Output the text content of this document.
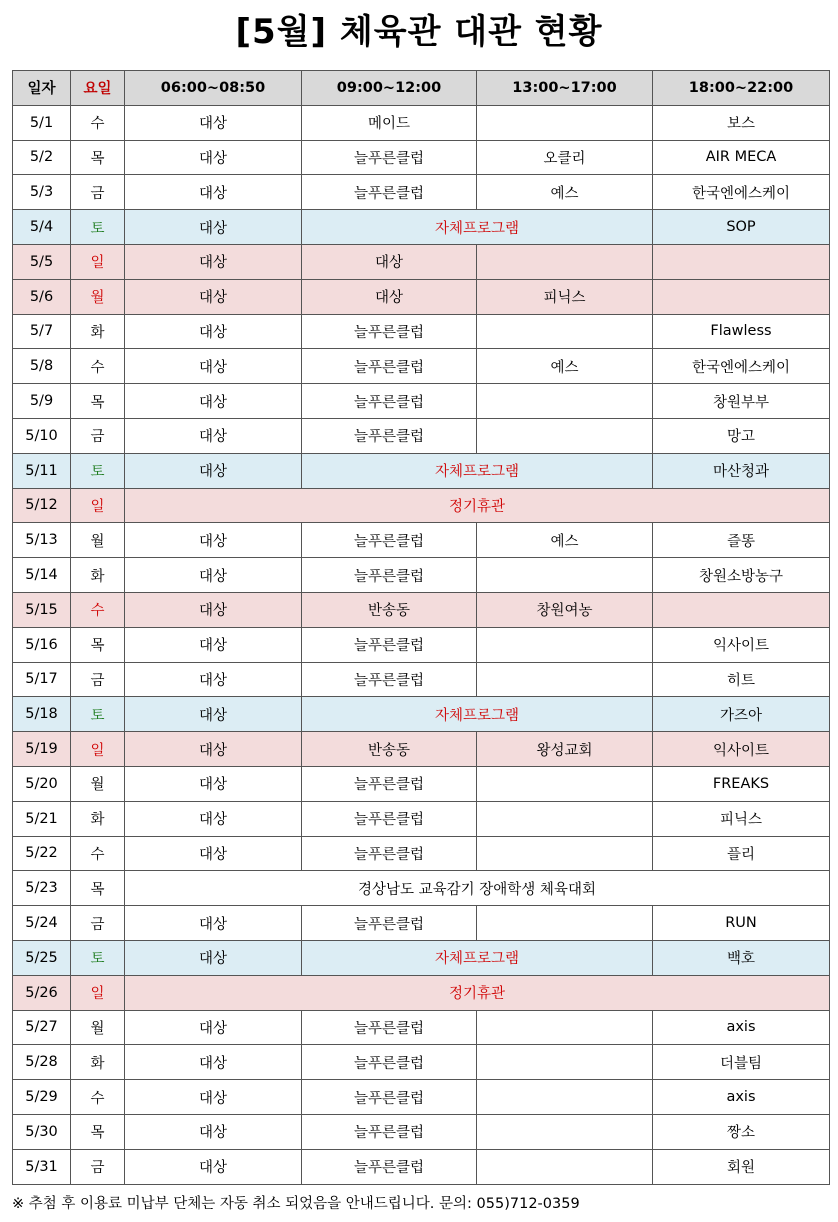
[5월] 체육관 대관 현황
일자	요일	06:00~08:50	09:00~12:00	13:00~17:00	18:00~22:00
5/1	수	대상	메이드		보스
5/2	목	대상	늘푸른클럽	오클리	AIR MECA
5/3	금	대상	늘푸른클럽	예스	한국엔에스케이
5/4	토	대상	자체프로그램		SOP
5/5	일	대상	대상		
5/6	월	대상	대상	피닉스	
5/7	화	대상	늘푸른클럽		Flawless
5/8	수	대상	늘푸른클럽	예스	한국엔에스케이
5/9	목	대상	늘푸른클럽		창원부부
5/10	금	대상	늘푸른클럽		망고
5/11	토	대상	자체프로그램		마산청과
5/12	일	정기휴관			
5/13	월	대상	늘푸른클럽	예스	즐똥
5/14	화	대상	늘푸른클럽		창원소방농구
5/15	수	대상	반송동	창원여농	
5/16	목	대상	늘푸른클럽		익사이트
5/17	금	대상	늘푸른클럽		히트
5/18	토	대상	자체프로그램		가즈아
5/19	일	대상	반송동	왕성교회	익사이트
5/20	월	대상	늘푸른클럽		FREAKS
5/21	화	대상	늘푸른클럽		피닉스
5/22	수	대상	늘푸른클럽		플리
5/23	목	경상남도 교육감기 장애학생 체육대회			
5/24	금	대상	늘푸른클럽		RUN
5/25	토	대상	자체프로그램		백호
5/26	일	정기휴관			
5/27	월	대상	늘푸른클럽		axis
5/28	화	대상	늘푸른클럽		더블팀
5/29	수	대상	늘푸른클럽		axis
5/30	목	대상	늘푸른클럽		짱소
5/31	금	대상	늘푸른클럽		회원
※ 추첨 후 이용료 미납부 단체는 자동 취소 되었음을 안내드립니다. 문의: 055)712-0359
